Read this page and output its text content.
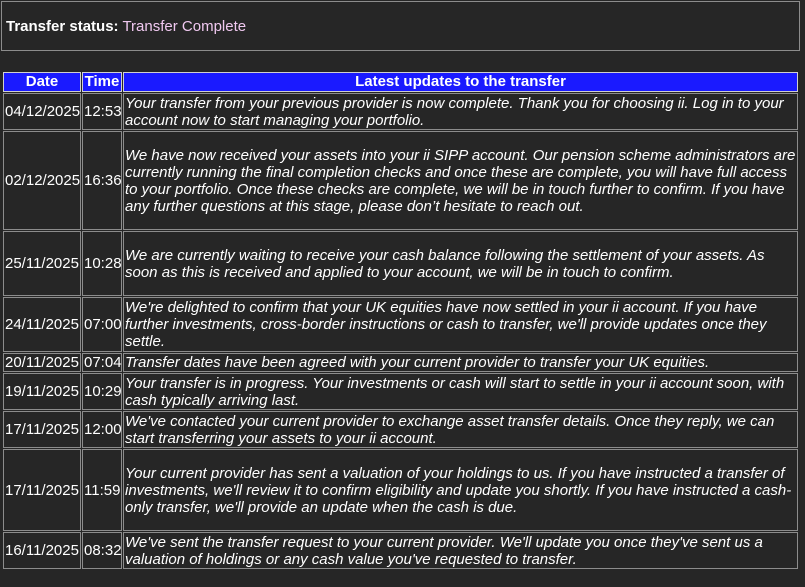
Transfer status: Transfer Complete
Date	Time	Latest updates to the transfer
04/12/2025	12:53	Your transfer from your previous provider is now complete. Thank you for choosing ii. Log in to your account now to start managing your portfolio.
02/12/2025	16:36	We have now received your assets into your ii SIPP account. Our pension scheme administrators are currently running the final completion checks and once these are complete, you will have full access to your portfolio. Once these checks are complete, we will be in touch further to confirm. If you have any further questions at this stage, please don’t hesitate to reach out.
25/11/2025	10:28	We are currently waiting to receive your cash balance following the settlement of your assets. As soon as this is received and applied to your account, we will be in touch to confirm.
24/11/2025	07:00	We're delighted to confirm that your UK equities have now settled in your ii account. If you have further investments, cross-border instructions or cash to transfer, we'll provide updates once they settle.
20/11/2025	07:04	Transfer dates have been agreed with your current provider to transfer your UK equities.
19/11/2025	10:29	Your transfer is in progress. Your investments or cash will start to settle in your ii account soon, with cash typically arriving last.
17/11/2025	12:00	We've contacted your current provider to exchange asset transfer details. Once they reply, we can start transferring your assets to your ii account.
17/11/2025	11:59	Your current provider has sent a valuation of your holdings to us. If you have instructed a transfer of investments, we'll review it to confirm eligibility and update you shortly. If you have instructed a cash-only transfer, we'll provide an update when the cash is due.
16/11/2025	08:32	We've sent the transfer request to your current provider. We'll update you once they've sent us a valuation of holdings or any cash value you've requested to transfer.
